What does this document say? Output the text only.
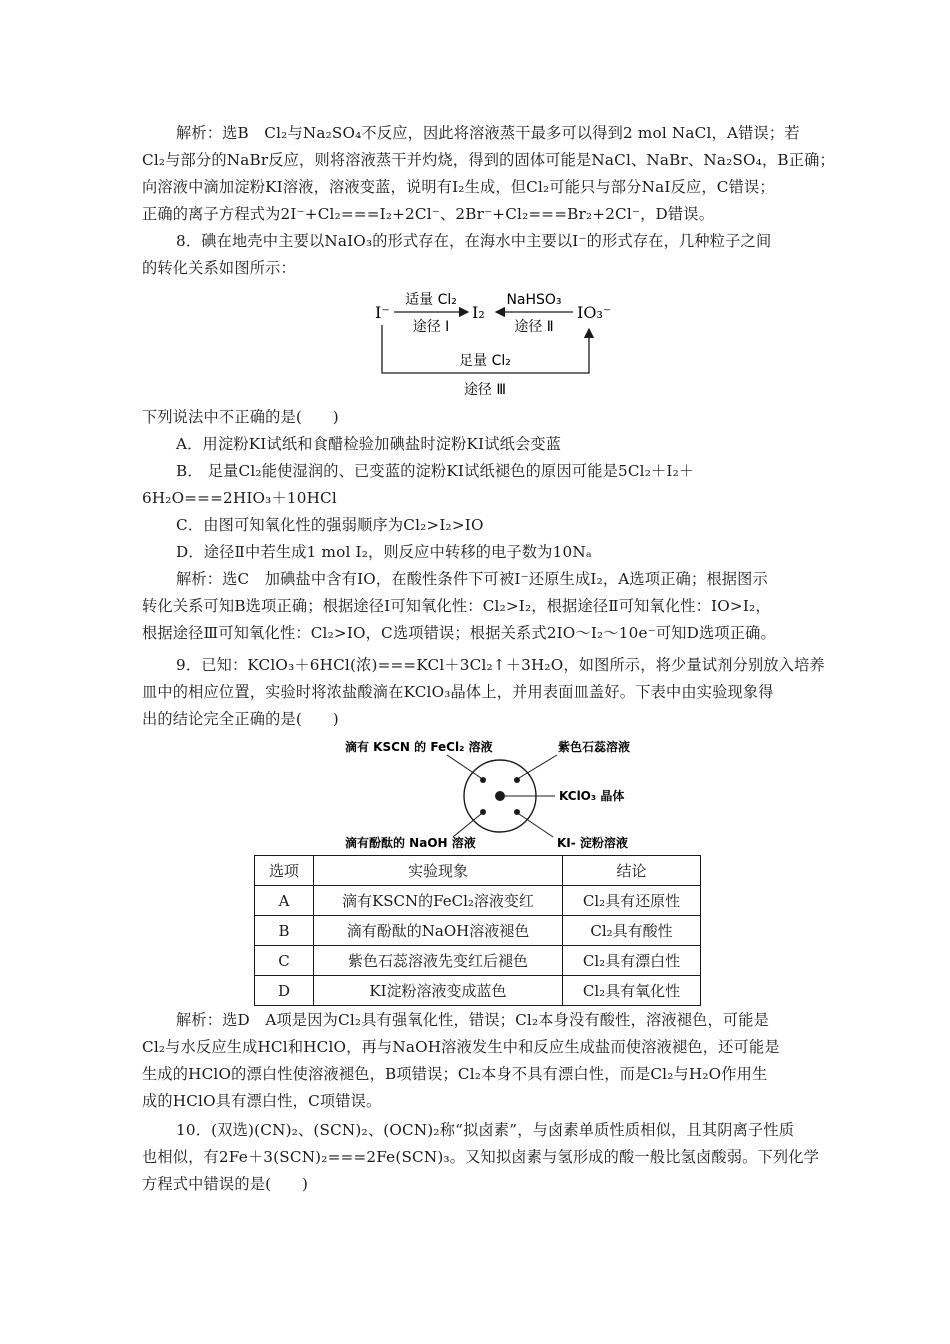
解析：选B　Cl₂与Na₂SO₄不反应，因此将溶液蒸干最多可以得到2 mol NaCl，A错误；若
Cl₂与部分的NaBr反应，则将溶液蒸干并灼烧，得到的固体可能是NaCl、NaBr、Na₂SO₄，B正确；
向溶液中滴加淀粉KI溶液，溶液变蓝，说明有I₂生成，但Cl₂可能只与部分NaI反应，C错误；
正确的离子方程式为2I⁻+Cl₂===I₂+2Cl⁻、2Br⁻+Cl₂===Br₂+2Cl⁻，D错误。
8．碘在地壳中主要以NaIO₃的形式存在，在海水中主要以I⁻的形式存在，几种粒子之间
的转化关系如图所示：
I⁻
适量 Cl₂
途径 Ⅰ
I₂
NaHSO₃
途径 Ⅱ
IO₃⁻
足量 Cl₂
途径 Ⅲ
下列说法中不正确的是(　　)
A．用淀粉KI试纸和食醋检验加碘盐时淀粉KI试纸会变蓝
B． 足量Cl₂能使湿润的、已变蓝的淀粉KI试纸褪色的原因可能是5Cl₂＋I₂＋
6H₂O===2HIO₃＋10HCl
C．由图可知氧化性的强弱顺序为Cl₂>I₂>IO
D．途径Ⅱ中若生成1 mol I₂，则反应中转移的电子数为10Nₐ
解析：选C　加碘盐中含有IO，在酸性条件下可被I⁻还原生成I₂，A选项正确；根据图示
转化关系可知B选项正确；根据途径Ⅰ可知氧化性：Cl₂>I₂，根据途径Ⅱ可知氧化性：IO>I₂，
根据途径Ⅲ可知氧化性：Cl₂>IO，C选项错误；根据关系式2IO～I₂～10e⁻可知D选项正确。
9．已知：KClO₃＋6HCl(浓)===KCl＋3Cl₂↑＋3H₂O，如图所示，将少量试剂分别放入培养
皿中的相应位置，实验时将浓盐酸滴在KClO₃晶体上，并用表面皿盖好。下表中由实验现象得
出的结论完全正确的是(　　)
滴有 KSCN 的 FeCl₂ 溶液	紫色石蕊溶液
KClO₃ 晶体
滴有酚酞的 NaOH 溶液	KI- 淀粉溶液
选项	实验现象	结论
A	滴有KSCN的FeCl₂溶液变红	Cl₂具有还原性
B	滴有酚酞的NaOH溶液褪色	Cl₂具有酸性
C	紫色石蕊溶液先变红后褪色	Cl₂具有漂白性
D	KI淀粉溶液变成蓝色	Cl₂具有氧化性
解析：选D　A项是因为Cl₂具有强氧化性，错误；Cl₂本身没有酸性，溶液褪色，可能是
Cl₂与水反应生成HCl和HClO，再与NaOH溶液发生中和反应生成盐而使溶液褪色，还可能是
生成的HClO的漂白性使溶液褪色，B项错误；Cl₂本身不具有漂白性，而是Cl₂与H₂O作用生
成的HClO具有漂白性，C项错误。
10．(双选)(CN)₂、(SCN)₂、(OCN)₂称“拟卤素”，与卤素单质性质相似，且其阴离子性质
也相似，有2Fe＋3(SCN)₂===2Fe(SCN)₃。又知拟卤素与氢形成的酸一般比氢卤酸弱。下列化学
方程式中错误的是(　　)
